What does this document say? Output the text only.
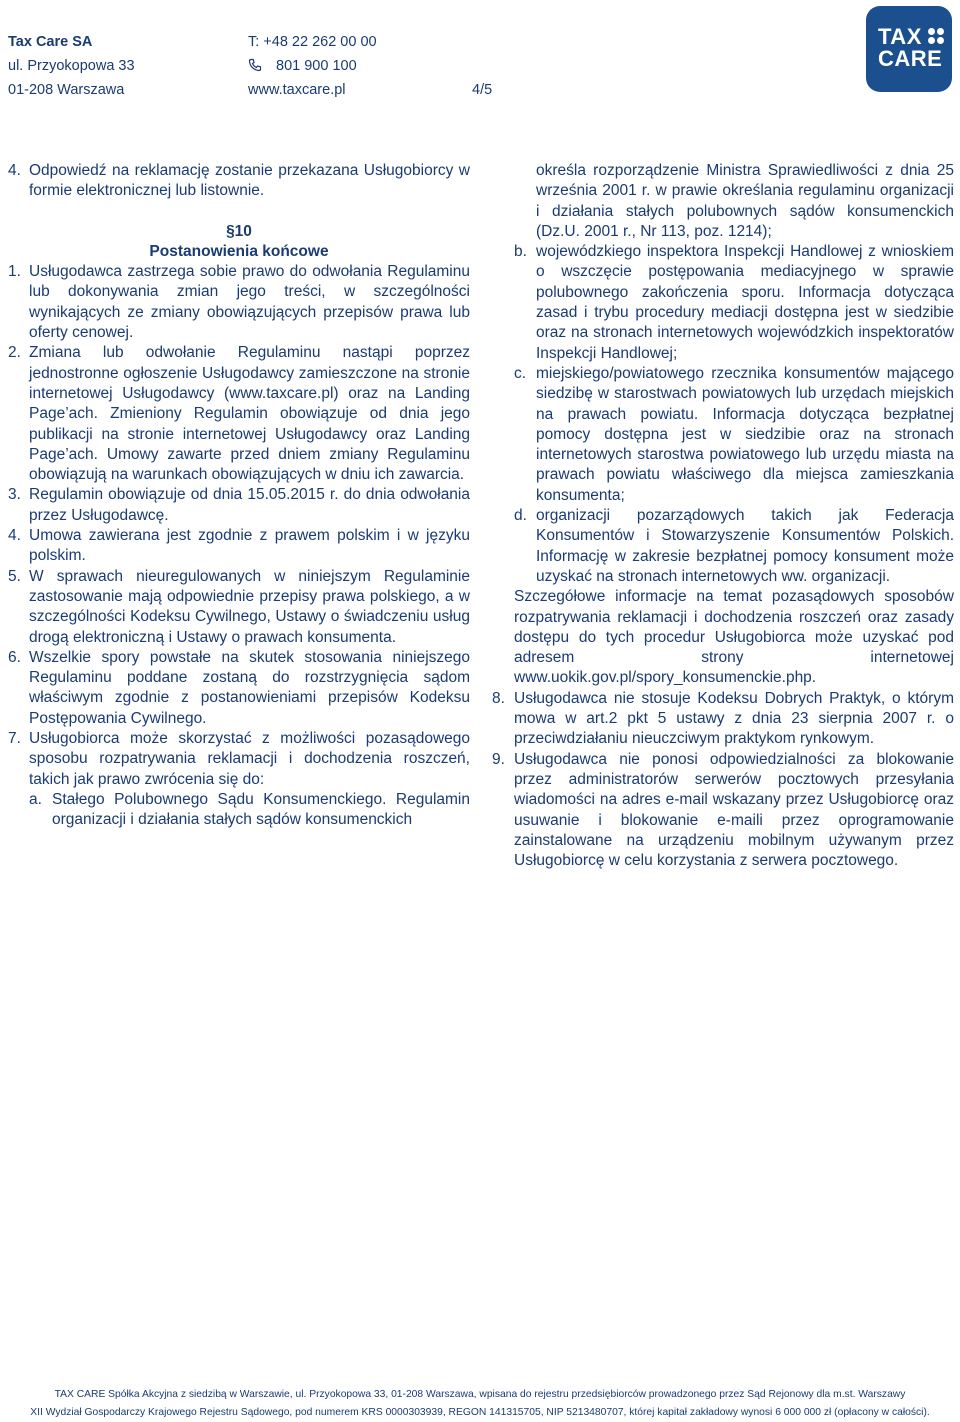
Tax Care SA
ul. Przyokopowa 33
01-208 Warszawa
T: +48 22 262 00 00
801 900 100
www.taxcare.pl	4/5
TAX
CARE
4. Odpowiedź na reklamację zostanie przekazana Usługobiorcy w formie elektronicznej lub listownie.
§10
Postanowienia końcowe
1. Usługodawca zastrzega sobie prawo do odwołania Regulaminu lub dokonywania zmian jego treści, w szczególności wynikających ze zmiany obowiązujących przepisów prawa lub oferty cenowej.
2. Zmiana lub odwołanie Regulaminu nastąpi poprzez jednostronne ogłoszenie Usługodawcy zamieszczone na stronie internetowej Usługodawcy (www.taxcare.pl) oraz na Landing Page’ach. Zmieniony Regulamin obowiązuje od dnia jego publikacji na stronie internetowej Usługodawcy oraz Landing Page’ach. Umowy zawarte przed dniem zmiany Regulaminu obowiązują na warunkach obowiązujących w dniu ich zawarcia.
3. Regulamin obowiązuje od dnia 15.05.2015 r. do dnia odwołania przez Usługodawcę.
4. Umowa zawierana jest zgodnie z prawem polskim i w języku polskim.
5. W sprawach nieuregulowanych w niniejszym Regulaminie zastosowanie mają odpowiednie przepisy prawa polskiego, a w szczególności Kodeksu Cywilnego, Ustawy o świadczeniu usług drogą elektroniczną i Ustawy o prawach konsumenta.
6. Wszelkie spory powstałe na skutek stosowania niniejszego Regulaminu poddane zostaną do rozstrzygnięcia sądom właściwym zgodnie z postanowieniami przepisów Kodeksu Postępowania Cywilnego.
7. Usługobiorca może skorzystać z możliwości pozasądowego sposobu rozpatrywania reklamacji i dochodzenia roszczeń, takich jak prawo zwrócenia się do:
a. Stałego Polubownego Sądu Konsumenckiego. Regulamin organizacji i działania stałych sądów konsumenckich
określa rozporządzenie Ministra Sprawiedliwości z dnia 25 września 2001 r. w prawie określania regulaminu organizacji i działania stałych polubownych sądów konsumenckich (Dz.U. 2001 r., Nr 113, poz. 1214);
b. wojewódzkiego inspektora Inspekcji Handlowej z wnioskiem o wszczęcie postępowania mediacyjnego w sprawie polubownego zakończenia sporu. Informacja dotycząca zasad i trybu procedury mediacji dostępna jest w siedzibie oraz na stronach internetowych wojewódzkich inspektoratów Inspekcji Handlowej;
c. miejskiego/powiatowego rzecznika konsumentów mającego siedzibę w starostwach powiatowych lub urzędach miejskich na prawach powiatu. Informacja dotycząca bezpłatnej pomocy dostępna jest w siedzibie oraz na stronach internetowych starostwa powiatowego lub urzędu miasta na prawach powiatu właściwego dla miejsca zamieszkania konsumenta;
d. organizacji pozarządowych takich jak Federacja Konsumentów i Stowarzyszenie Konsumentów Polskich. Informację w zakresie bezpłatnej pomocy konsument może uzyskać na stronach internetowych ww. organizacji.
Szczegółowe informacje na temat pozasądowych sposobów rozpatrywania reklamacji i dochodzenia roszczeń oraz zasady dostępu do tych procedur Usługobiorca może uzyskać pod adresem strony internetowej www.uokik.gov.pl/spory_konsumenckie.php.
8. Usługodawca nie stosuje Kodeksu Dobrych Praktyk, o którym mowa w art.2 pkt 5 ustawy z dnia 23 sierpnia 2007 r. o przeciwdziałaniu nieuczciwym praktykom rynkowym.
9. Usługodawca nie ponosi odpowiedzialności za blokowanie przez administratorów serwerów pocztowych przesyłania wiadomości na adres e-mail wskazany przez Usługobiorcę oraz usuwanie i blokowanie e-maili przez oprogramowanie zainstalowane na urządzeniu mobilnym używanym przez Usługobiorcę w celu korzystania z serwera pocztowego.
TAX CARE Spółka Akcyjna z siedzibą w Warszawie, ul. Przyokopowa 33, 01-208 Warszawa, wpisana do rejestru przedsiębiorców prowadzonego przez Sąd Rejonowy dla m.st. Warszawy
XII Wydział Gospodarczy Krajowego Rejestru Sądowego, pod numerem KRS 0000303939, REGON 141315705, NIP 5213480707, której kapitał zakładowy wynosi 6 000 000 zł (opłacony w całości).
